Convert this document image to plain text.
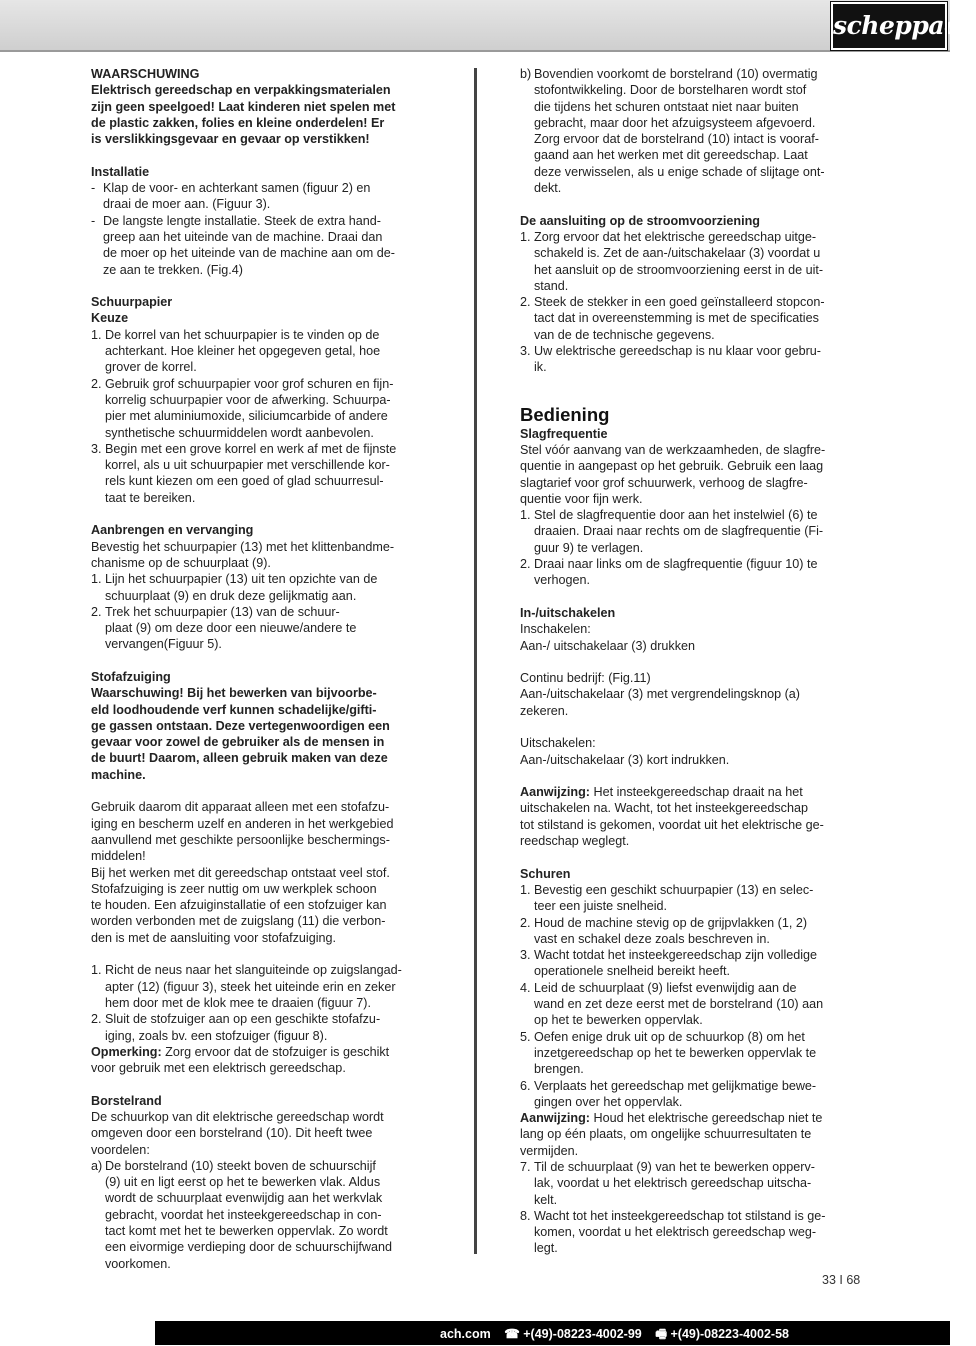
scheppach
WAARSCHUWING
Elektrisch gereedschap en verpakkingsmaterialen
zijn geen speelgoed! Laat kinderen niet spelen met
de plastic zakken, folies en kleine onderdelen! Er
is verslikkingsgevaar en gevaar op verstikken!
Installatie
- Klap de voor- en achterkant samen (figuur 2) en
draai de moer aan. (Figuur 3).
- De langste lengte installatie. Steek de extra hand-
greep aan het uiteinde van de machine. Draai dan
de moer op het uiteinde van de machine aan om de-
ze aan te trekken. (Fig.4)
Schuurpapier
Keuze
1. De korrel van het schuurpapier is te vinden op de
achterkant. Hoe kleiner het opgegeven getal, hoe
grover de korrel.
2. Gebruik grof schuurpapier voor grof schuren en fijn-
korrelig schuurpapier voor de afwerking. Schuurpa-
pier met aluminiumoxide, siliciumcarbide of andere
synthetische schuurmiddelen wordt aanbevolen.
3. Begin met een grove korrel en werk af met de fijnste
korrel, als u uit schuurpapier met verschillende kor-
rels kunt kiezen om een goed of glad schuurresul-
taat te bereiken.
Aanbrengen en vervanging
Bevestig het schuurpapier (13) met het klittenbandme-
chanisme op de schuurplaat (9).
1. Lijn het schuurpapier (13) uit ten opzichte van de
schuurplaat (9) en druk deze gelijkmatig aan.
2. Trek het schuurpapier (13) van de schuur-
plaat (9) om deze door een nieuwe/andere te
vervangen(Figuur 5).
Stofafzuiging
Waarschuwing! Bij het bewerken van bijvoorbe-
eld loodhoudende verf kunnen schadelijke/gifti-
ge gassen ontstaan. Deze vertegenwoordigen een
gevaar voor zowel de gebruiker als de mensen in
de buurt! Daarom, alleen gebruik maken van deze
machine.
Gebruik daarom dit apparaat alleen met een stofafzu-
iging en bescherm uzelf en anderen in het werkgebied
aanvullend met geschikte persoonlijke beschermings-
middelen!
Bij het werken met dit gereedschap ontstaat veel stof.
Stofafzuiging is zeer nuttig om uw werkplek schoon
te houden. Een afzuiginstallatie of een stofzuiger kan
worden verbonden met de zuigslang (11) die verbon-
den is met de aansluiting voor stofafzuiging.
1. Richt de neus naar het slanguiteinde op zuigslangad-
apter (12) (figuur 3), steek het uiteinde erin en zeker
hem door met de klok mee te draaien (figuur 7).
2. Sluit de stofzuiger aan op een geschikte stofafzu-
iging, zoals bv. een stofzuiger (figuur 8).
Opmerking: Zorg ervoor dat de stofzuiger is geschikt
voor gebruik met een elektrisch gereedschap.
Borstelrand
De schuurkop van dit elektrische gereedschap wordt
omgeven door een borstelrand (10). Dit heeft twee
voordelen:
a) De borstelrand (10) steekt boven de schuurschijf
(9) uit en ligt eerst op het te bewerken vlak. Aldus
wordt de schuurplaat evenwijdig aan het werkvlak
gebracht, voordat het insteekgereedschap in con-
tact komt met het te bewerken oppervlak. Zo wordt
een eivormige verdieping door de schuurschijfwand
voorkomen.
b) Bovendien voorkomt de borstelrand (10) overmatig
stofontwikkeling. Door de borstelharen wordt stof
die tijdens het schuren ontstaat niet naar buiten
gebracht, maar door het afzuigsysteem afgevoerd.
Zorg ervoor dat de borstelrand (10) intact is vooraf-
gaand aan het werken met dit gereedschap. Laat
deze verwisselen, als u enige schade of slijtage ont-
dekt.
De aansluiting op de stroomvoorziening
1. Zorg ervoor dat het elektrische gereedschap uitge-
schakeld is. Zet de aan-/uitschakelaar (3) voordat u
het aansluit op de stroomvoorziening eerst in de uit-
stand.
2. Steek de stekker in een goed geïnstalleerd stopcon-
tact dat in overeenstemming is met de specificaties
van de de technische gegevens.
3. Uw elektrische gereedschap is nu klaar voor gebru-
ik.
Bediening
Slagfrequentie
Stel vóór aanvang van de werkzaamheden, de slagfre-
quentie in aangepast op het gebruik. Gebruik een laag
slagtarief voor grof schuurwerk, verhoog de slagfre-
quentie voor fijn werk.
1. Stel de slagfrequentie door aan het instelwiel (6) te
draaien. Draai naar rechts om de slagfrequentie (Fi-
guur 9) te verlagen.
2. Draai naar links om de slagfrequentie (figuur 10) te
verhogen.
In-/uitschakelen
Inschakelen:
Aan-/ uitschakelaar (3) drukken
Continu bedrijf: (Fig.11)
Aan-/uitschakelaar (3) met vergrendelingsknop (a)
zekeren.
Uitschakelen:
Aan-/uitschakelaar (3) kort indrukken.
Aanwijzing: Het insteekgereedschap draait na het
uitschakelen na. Wacht, tot het insteekgereedschap
tot stilstand is gekomen, voordat uit het elektrische ge-
reedschap weglegt.
Schuren
1. Bevestig een geschikt schuurpapier (13) en selec-
teer een juiste snelheid.
2. Houd de machine stevig op de grijpvlakken (1, 2)
vast en schakel deze zoals beschreven in.
3. Wacht totdat het insteekgereedschap zijn volledige
operationele snelheid bereikt heeft.
4. Leid de schuurplaat (9) liefst evenwijdig aan de
wand en zet deze eerst met de borstelrand (10) aan
op het te bewerken oppervlak.
5. Oefen enige druk uit op de schuurkop (8) om het
inzetgereedschap op het te bewerken oppervlak te
brengen.
6. Verplaats het gereedschap met gelijkmatige bewe-
gingen over het oppervlak.
Aanwijzing: Houd het elektrische gereedschap niet te
lang op één plaats, om ongelijke schuurresultaten te
vermijden.
7. Til de schuurplaat (9) van het te bewerken opperv-
lak, voordat u het elektrisch gereedschap uitscha-
kelt.
8. Wacht tot het insteekgereedschap tot stilstand is ge-
komen, voordat u het elektrisch gereedschap weg-
legt.
33 I 68
ach.com ☎ +(49)-08223-4002-99 🖷 +(49)-08223-4002-58
